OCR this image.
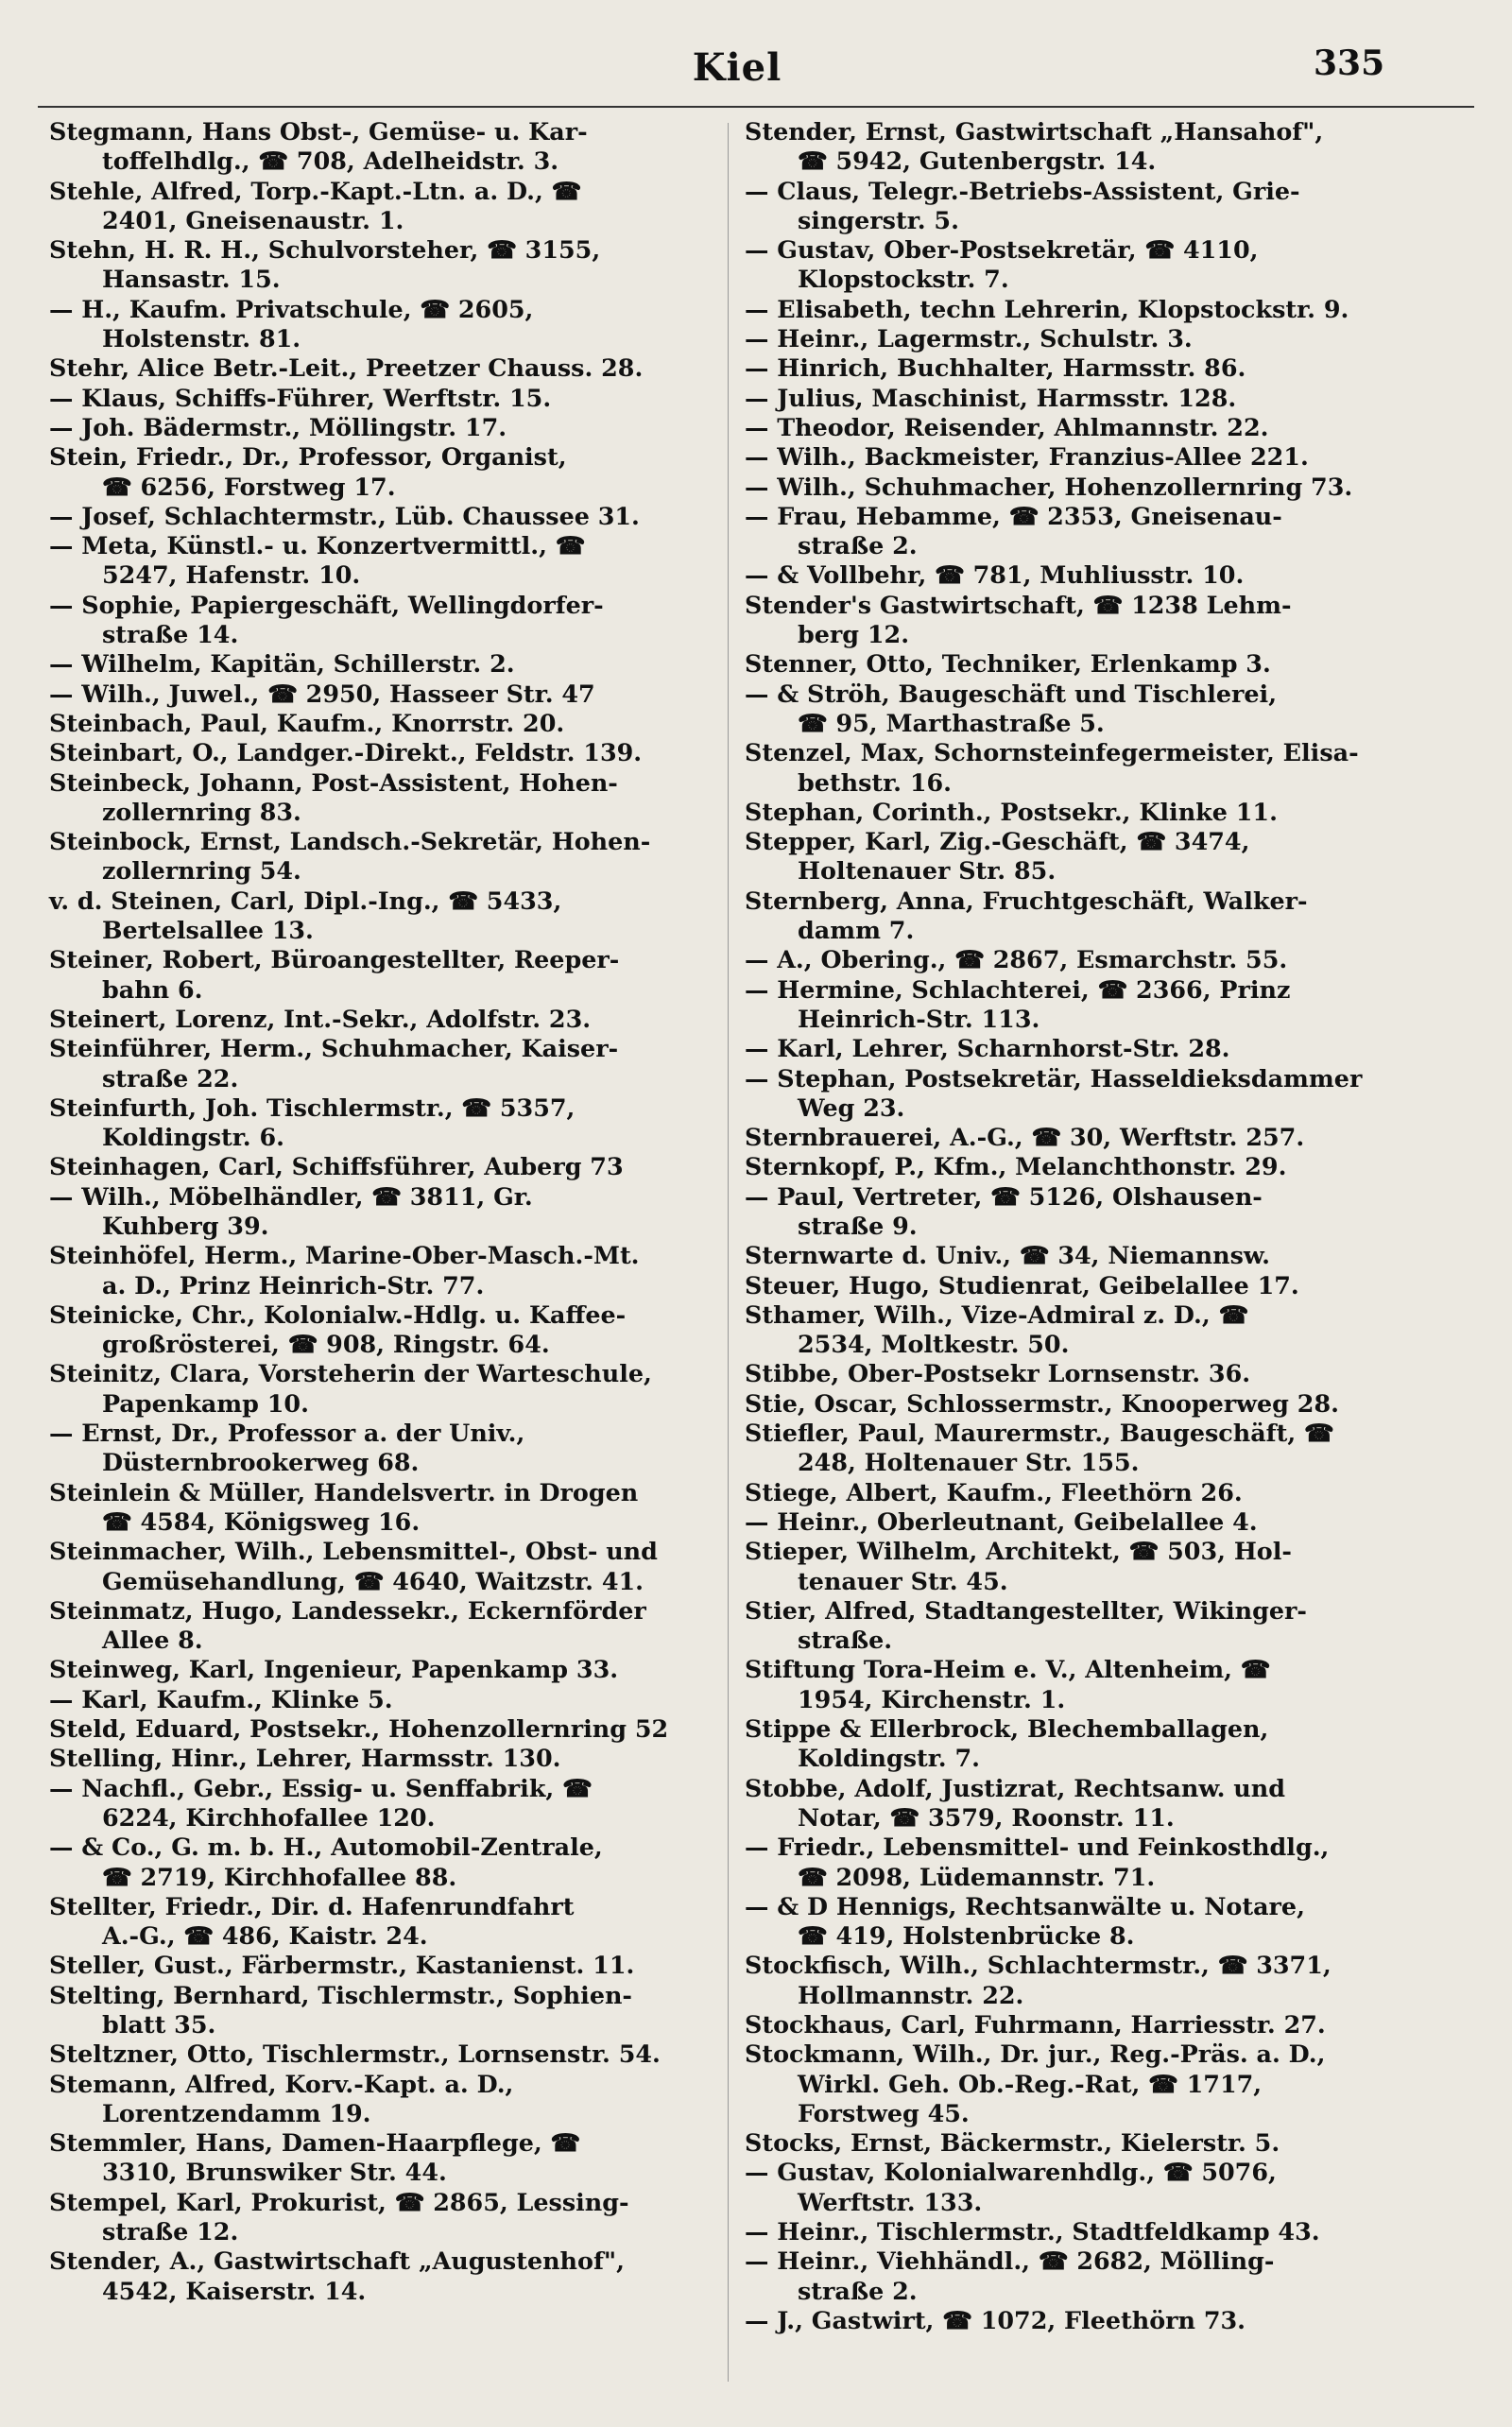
Kiel	335
Stegmann, Hans Obst-, Gemüse- u. Kar-
toffelhdlg., ☎ 708, Adelheidstr. 3.
Stehle, Alfred, Torp.-Kapt.-Ltn. a. D., ☎
2401, Gneisenaustr. 1.
Stehn, H. R. H., Schulvorsteher, ☎ 3155,
Hansastr. 15.
— H., Kaufm. Privatschule, ☎ 2605,
Holstenstr. 81.
Stehr, Alice Betr.-Leit., Preetzer Chauss. 28.
— Klaus, Schiffs-Führer, Werftstr. 15.
— Joh. Bädermstr., Möllingstr. 17.
Stein, Friedr., Dr., Professor, Organist,
☎ 6256, Forstweg 17.
— Josef, Schlachtermstr., Lüb. Chaussee 31.
— Meta, Künstl.- u. Konzertvermittl., ☎
5247, Hafenstr. 10.
— Sophie, Papiergeschäft, Wellingdorfer-
straße 14.
— Wilhelm, Kapitän, Schillerstr. 2.
— Wilh., Juwel., ☎ 2950, Hasseer Str. 47
Steinbach, Paul, Kaufm., Knorrstr. 20.
Steinbart, O., Landger.-Direkt., Feldstr. 139.
Steinbeck, Johann, Post-Assistent, Hohen-
zollernring 83.
Steinbock, Ernst, Landsch.-Sekretär, Hohen-
zollernring 54.
v. d. Steinen, Carl, Dipl.-Ing., ☎ 5433,
Bertelsallee 13.
Steiner, Robert, Büroangestellter, Reeper-
bahn 6.
Steinert, Lorenz, Int.-Sekr., Adolfstr. 23.
Steinführer, Herm., Schuhmacher, Kaiser-
straße 22.
Steinfurth, Joh. Tischlermstr., ☎ 5357,
Koldingstr. 6.
Steinhagen, Carl, Schiffsführer, Auberg 73
— Wilh., Möbelhändler, ☎ 3811, Gr.
Kuhberg 39.
Steinhöfel, Herm., Marine-Ober-Masch.-Mt.
a. D., Prinz Heinrich-Str. 77.
Steinicke, Chr., Kolonialw.-Hdlg. u. Kaffee-
großrösterei, ☎ 908, Ringstr. 64.
Steinitz, Clara, Vorsteherin der Warteschule,
Papenkamp 10.
— Ernst, Dr., Professor a. der Univ.,
Düsternbrookerweg 68.
Steinlein & Müller, Handelsvertr. in Drogen
☎ 4584, Königsweg 16.
Steinmacher, Wilh., Lebensmittel-, Obst- und
Gemüsehandlung, ☎ 4640, Waitzstr. 41.
Steinmatz, Hugo, Landessekr., Eckernförder
Allee 8.
Steinweg, Karl, Ingenieur, Papenkamp 33.
— Karl, Kaufm., Klinke 5.
Steld, Eduard, Postsekr., Hohenzollernring 52
Stelling, Hinr., Lehrer, Harmsstr. 130.
— Nachfl., Gebr., Essig- u. Senffabrik, ☎
6224, Kirchhofallee 120.
— & Co., G. m. b. H., Automobil-Zentrale,
☎ 2719, Kirchhofallee 88.
Stellter, Friedr., Dir. d. Hafenrundfahrt
A.-G., ☎ 486, Kaistr. 24.
Steller, Gust., Färbermstr., Kastanienst. 11.
Stelting, Bernhard, Tischlermstr., Sophien-
blatt 35.
Steltzner, Otto, Tischlermstr., Lornsenstr. 54.
Stemann, Alfred, Korv.-Kapt. a. D.,
Lorentzendamm 19.
Stemmler, Hans, Damen-Haarpflege, ☎
3310, Brunswiker Str. 44.
Stempel, Karl, Prokurist, ☎ 2865, Lessing-
straße 12.
Stender, A., Gastwirtschaft „Augustenhof",
4542, Kaiserstr. 14.
Stender, Ernst, Gastwirtschaft „Hansahof",
☎ 5942, Gutenbergstr. 14.
— Claus, Telegr.-Betriebs-Assistent, Grie-
singerstr. 5.
— Gustav, Ober-Postsekretär, ☎ 4110,
Klopstockstr. 7.
— Elisabeth, techn Lehrerin, Klopstockstr. 9.
— Heinr., Lagermstr., Schulstr. 3.
— Hinrich, Buchhalter, Harmsstr. 86.
— Julius, Maschinist, Harmsstr. 128.
— Theodor, Reisender, Ahlmannstr. 22.
— Wilh., Backmeister, Franzius-Allee 221.
— Wilh., Schuhmacher, Hohenzollernring 73.
— Frau, Hebamme, ☎ 2353, Gneisenau-
straße 2.
— & Vollbehr, ☎ 781, Muhliusstr. 10.
Stender's Gastwirtschaft, ☎ 1238 Lehm-
berg 12.
Stenner, Otto, Techniker, Erlenkamp 3.
— & Ströh, Baugeschäft und Tischlerei,
☎ 95, Marthastraße 5.
Stenzel, Max, Schornsteinfegermeister, Elisa-
bethstr. 16.
Stephan, Corinth., Postsekr., Klinke 11.
Stepper, Karl, Zig.-Geschäft, ☎ 3474,
Holtenauer Str. 85.
Sternberg, Anna, Fruchtgeschäft, Walker-
damm 7.
— A., Obering., ☎ 2867, Esmarchstr. 55.
— Hermine, Schlachterei, ☎ 2366, Prinz
Heinrich-Str. 113.
— Karl, Lehrer, Scharnhorst-Str. 28.
— Stephan, Postsekretär, Hasseldieksdammer
Weg 23.
Sternbrauerei, A.-G., ☎ 30, Werftstr. 257.
Sternkopf, P., Kfm., Melanchthonstr. 29.
— Paul, Vertreter, ☎ 5126, Olshausen-
straße 9.
Sternwarte d. Univ., ☎ 34, Niemannsw.
Steuer, Hugo, Studienrat, Geibelallee 17.
Sthamer, Wilh., Vize-Admiral z. D., ☎
2534, Moltkestr. 50.
Stibbe, Ober-Postsekr Lornsenstr. 36.
Stie, Oscar, Schlossermstr., Knooperweg 28.
Stiefler, Paul, Maurermstr., Baugeschäft, ☎
248, Holtenauer Str. 155.
Stiege, Albert, Kaufm., Fleethörn 26.
— Heinr., Oberleutnant, Geibelallee 4.
Stieper, Wilhelm, Architekt, ☎ 503, Hol-
tenauer Str. 45.
Stier, Alfred, Stadtangestellter, Wikinger-
straße.
Stiftung Tora-Heim e. V., Altenheim, ☎
1954, Kirchenstr. 1.
Stippe & Ellerbrock, Blechemballagen,
Koldingstr. 7.
Stobbe, Adolf, Justizrat, Rechtsanw. und
Notar, ☎ 3579, Roonstr. 11.
— Friedr., Lebensmittel- und Feinkosthdlg.,
☎ 2098, Lüdemannstr. 71.
— & D Hennigs, Rechtsanwälte u. Notare,
☎ 419, Holstenbrücke 8.
Stockfisch, Wilh., Schlachtermstr., ☎ 3371,
Hollmannstr. 22.
Stockhaus, Carl, Fuhrmann, Harriesstr. 27.
Stockmann, Wilh., Dr. jur., Reg.-Präs. a. D.,
Wirkl. Geh. Ob.-Reg.-Rat, ☎ 1717,
Forstweg 45.
Stocks, Ernst, Bäckermstr., Kielerstr. 5.
— Gustav, Kolonialwarenhdlg., ☎ 5076,
Werftstr. 133.
— Heinr., Tischlermstr., Stadtfeldkamp 43.
— Heinr., Viehhändl., ☎ 2682, Mölling-
straße 2.
— J., Gastwirt, ☎ 1072, Fleethörn 73.
